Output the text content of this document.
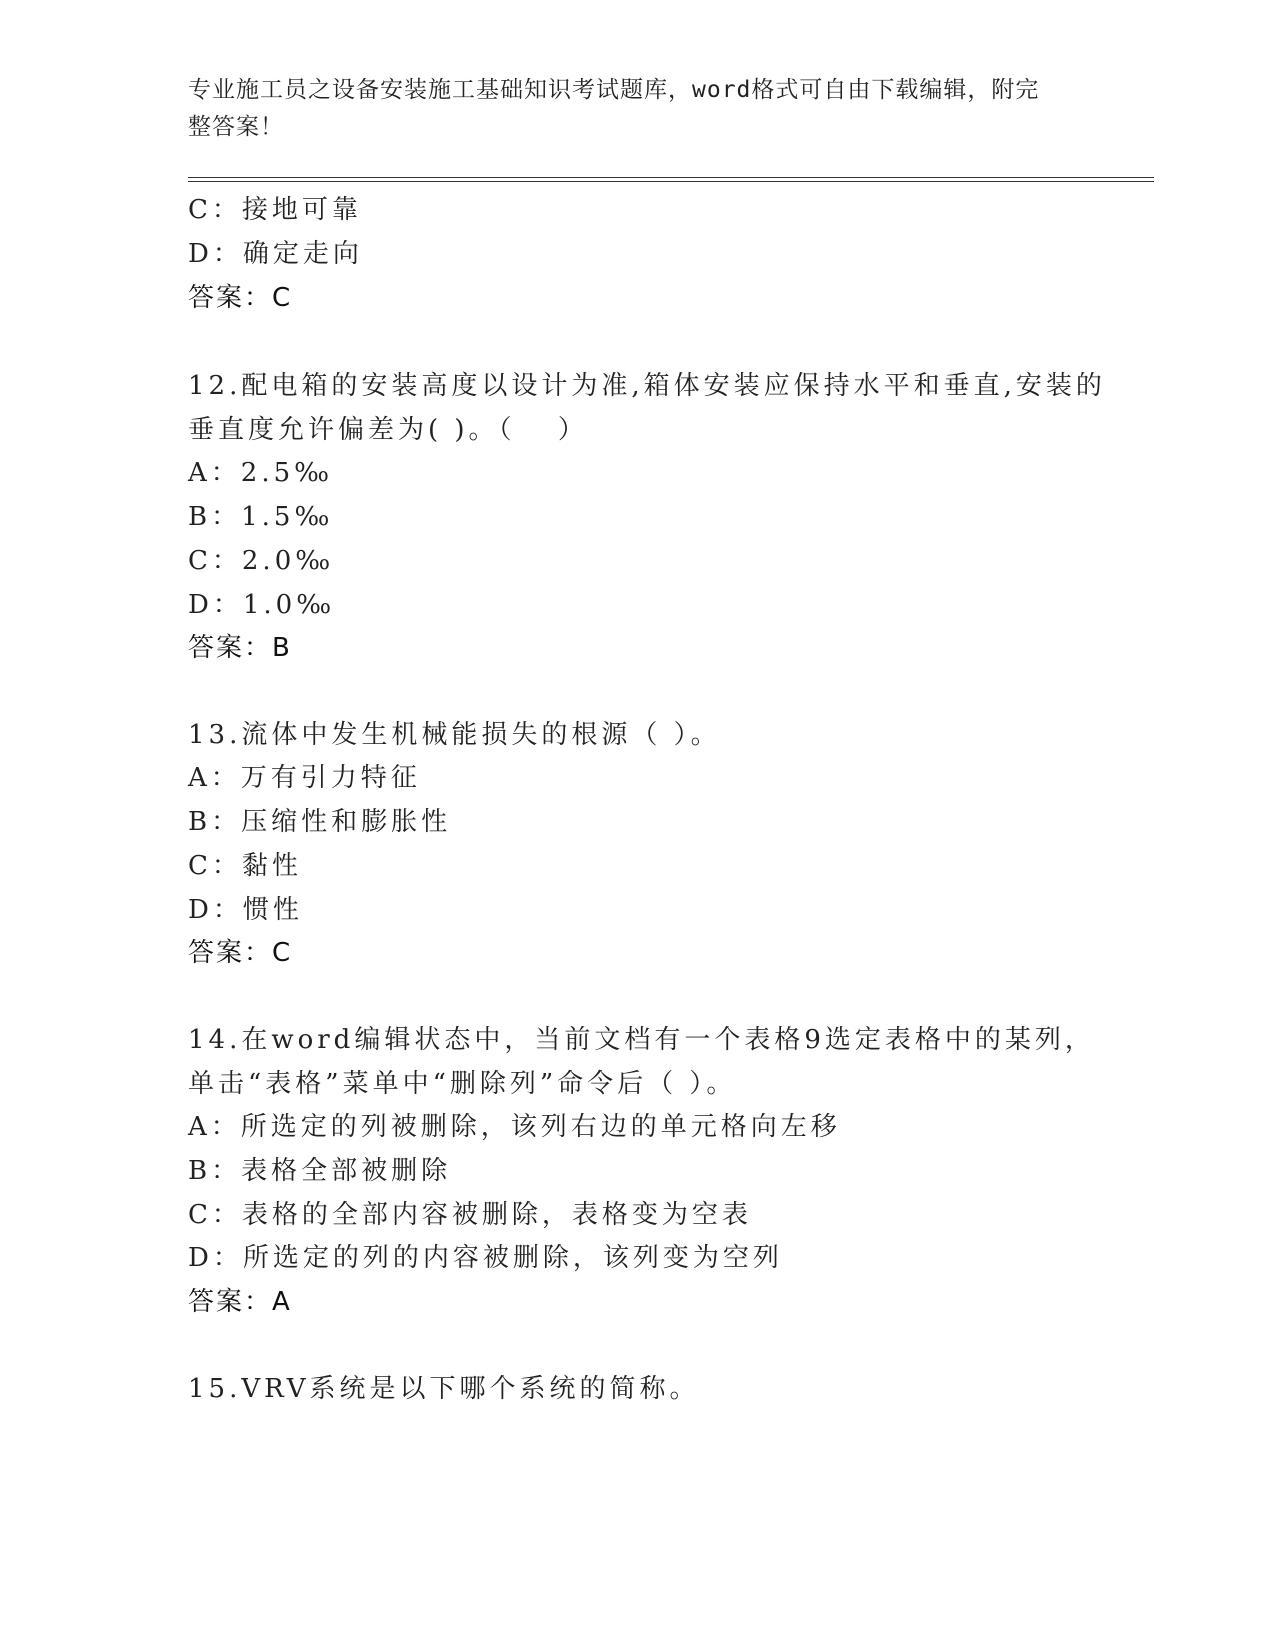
专业施工员之设备安装施工基础知识考试题库，word格式可自由下载编辑，附完
整答案！
C：接地可靠
D：确定走向
答案：C
12.配电箱的安装高度以设计为准,箱体安装应保持水平和垂直,安装的
垂直度允许偏差为( )。（　 ）
A：2.5‰
B：1.5‰
C：2.0‰
D：1.0‰
答案：B
13.流体中发生机械能损失的根源（ ）。
A：万有引力特征
B：压缩性和膨胀性
C：黏性
D：惯性
答案：C
14.在word编辑状态中，当前文档有一个表格9选定表格中的某列，
单击“表格”菜单中“删除列”命令后（ ）。
A：所选定的列被删除，该列右边的单元格向左移
B：表格全部被删除
C：表格的全部内容被删除，表格变为空表
D：所选定的列的内容被删除，该列变为空列
答案：A
15.VRV系统是以下哪个系统的简称。
